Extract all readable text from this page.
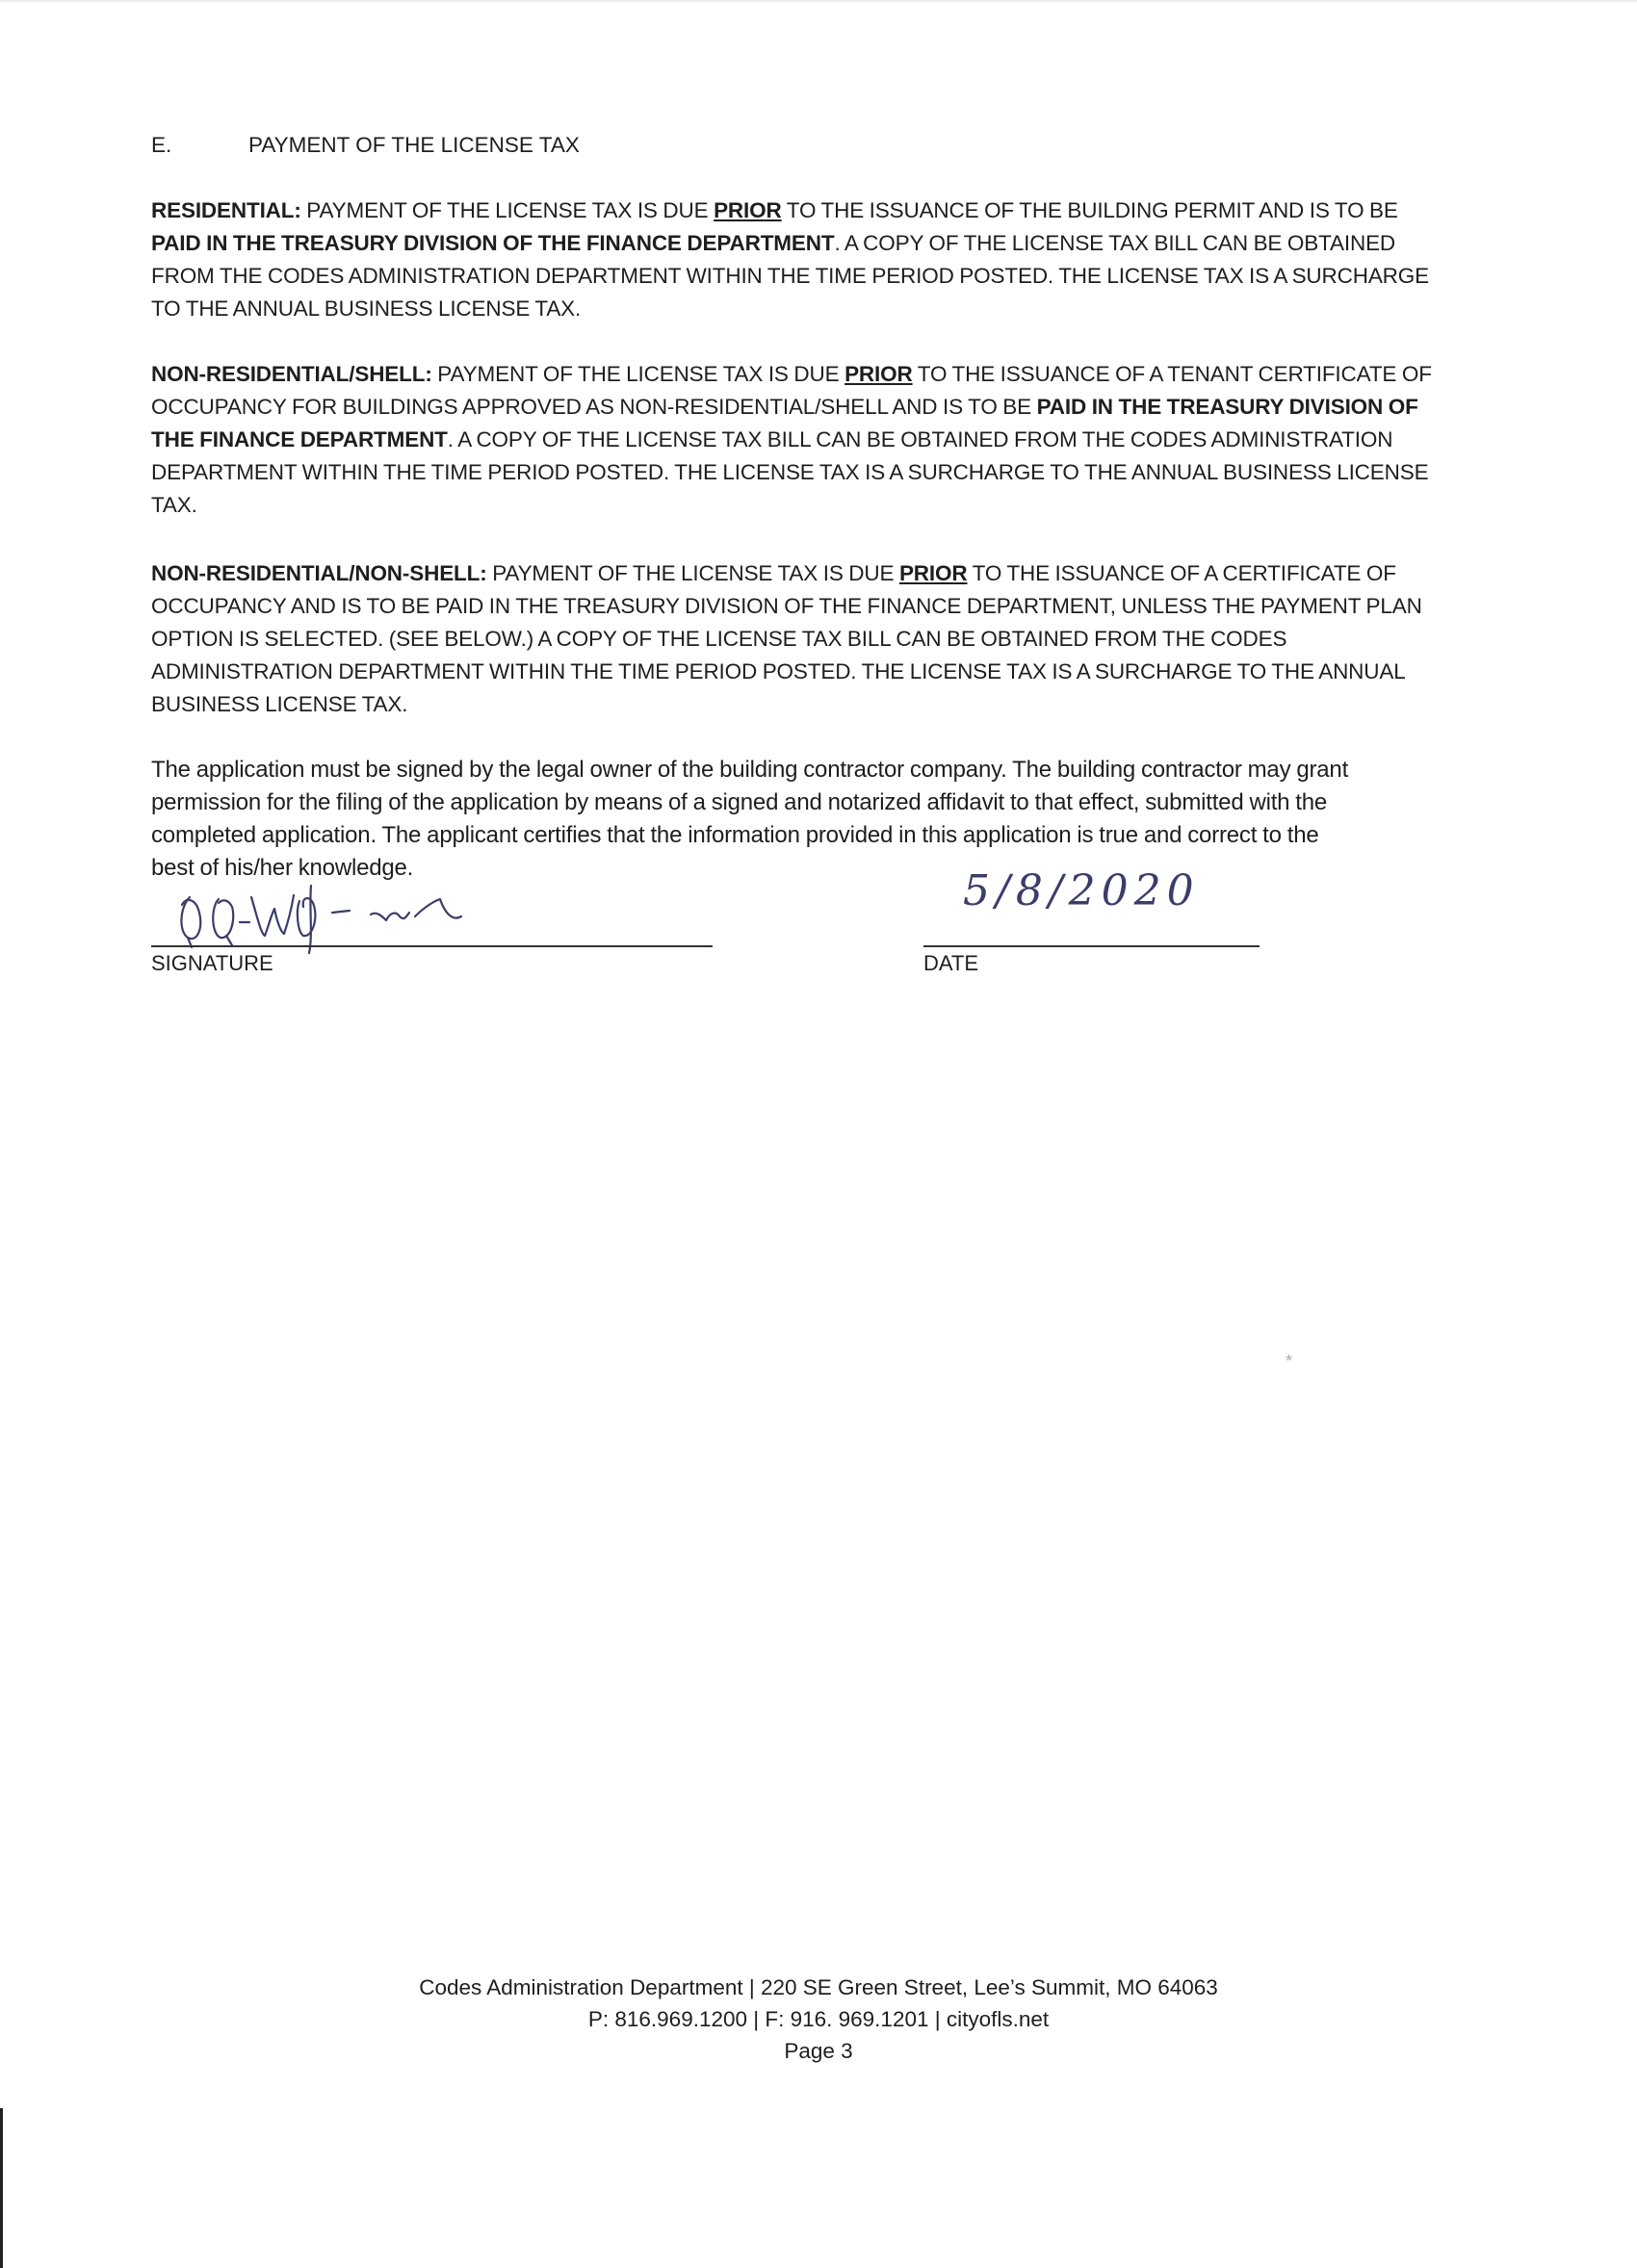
E.	PAYMENT OF THE LICENSE TAX
RESIDENTIAL: PAYMENT OF THE LICENSE TAX IS DUE PRIOR TO THE ISSUANCE OF THE BUILDING PERMIT AND IS TO BE
PAID IN THE TREASURY DIVISION OF THE FINANCE DEPARTMENT. A COPY OF THE LICENSE TAX BILL CAN BE OBTAINED
FROM THE CODES ADMINISTRATION DEPARTMENT WITHIN THE TIME PERIOD POSTED. THE LICENSE TAX IS A SURCHARGE
TO THE ANNUAL BUSINESS LICENSE TAX.
NON-RESIDENTIAL/SHELL: PAYMENT OF THE LICENSE TAX IS DUE PRIOR TO THE ISSUANCE OF A TENANT CERTIFICATE OF
OCCUPANCY FOR BUILDINGS APPROVED AS NON-RESIDENTIAL/SHELL AND IS TO BE PAID IN THE TREASURY DIVISION OF
THE FINANCE DEPARTMENT. A COPY OF THE LICENSE TAX BILL CAN BE OBTAINED FROM THE CODES ADMINISTRATION
DEPARTMENT WITHIN THE TIME PERIOD POSTED. THE LICENSE TAX IS A SURCHARGE TO THE ANNUAL BUSINESS LICENSE
TAX.
NON-RESIDENTIAL/NON-SHELL: PAYMENT OF THE LICENSE TAX IS DUE PRIOR TO THE ISSUANCE OF A CERTIFICATE OF
OCCUPANCY AND IS TO BE PAID IN THE TREASURY DIVISION OF THE FINANCE DEPARTMENT, UNLESS THE PAYMENT PLAN
OPTION IS SELECTED. (SEE BELOW.) A COPY OF THE LICENSE TAX BILL CAN BE OBTAINED FROM THE CODES
ADMINISTRATION DEPARTMENT WITHIN THE TIME PERIOD POSTED. THE LICENSE TAX IS A SURCHARGE TO THE ANNUAL
BUSINESS LICENSE TAX.
The application must be signed by the legal owner of the building contractor company. The building contractor may grant
permission for the filing of the application by means of a signed and notarized affidavit to that effect, submitted with the
completed application. The applicant certifies that the information provided in this application is true and correct to the
best of his/her knowledge.	5/8/2020
SIGNATURE	DATE
*
Codes Administration Department | 220 SE Green Street, Lee’s Summit, MO 64063
P: 816.969.1200 | F: 916. 969.1201 | cityofls.net
Page 3
